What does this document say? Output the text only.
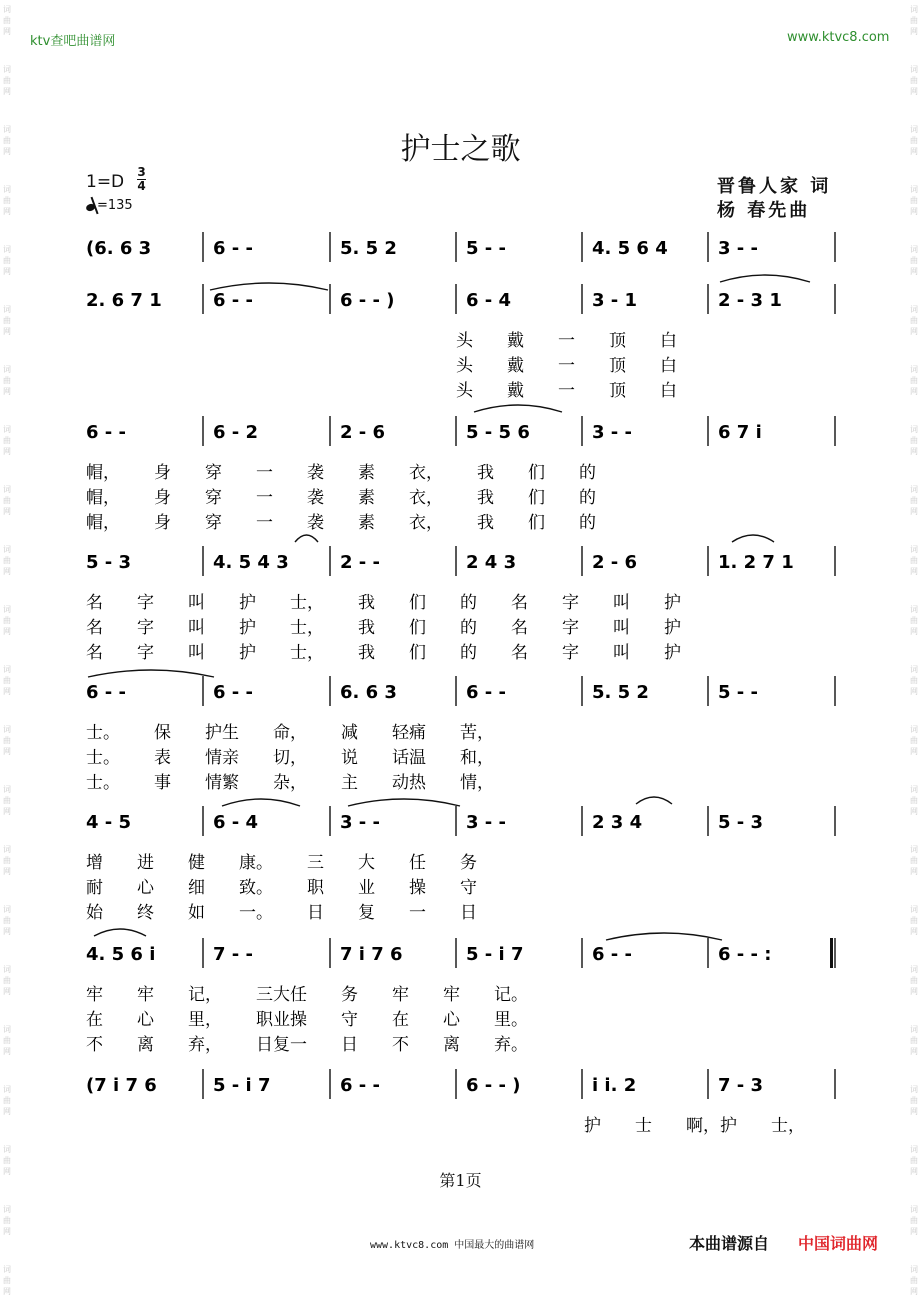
ktv查吧曲谱网	www.ktvc8.com
词
曲
网
词
曲
网
词
曲
网
词
曲
网
词
曲
网
词
曲
网
词
曲
网
词
曲
网
词
曲
网
词
曲
网
词
曲
网
词
曲
网
词
曲
网
词
曲
网
词
曲
网
词
曲
网
词
曲
网
词
曲
网
词
曲
网
词
曲
网
词
曲
网
词
曲
网
词
曲
网
词
曲
网
词
曲
网
词
曲
网
词
曲
网
词
曲
网
词
曲
网
词
曲
网
词
曲
网
词
曲
网
词
曲
网
词
曲
网
词
曲
网
词
曲
网
词
曲
网
词
曲
网
词
曲
网
词
曲
网
词
曲
网
词
曲
网
词
曲
网
词
曲
网
护士之歌
1=D 3
4
=135
晋鲁人家 词
杨 春先曲
(6. 6 3	6 - -	5. 5 2	5 - -	4. 5 6 4	3 - -
2. 6 7 1	6 - -	6 - - )	6 - 4	3 - 1	2 - 3 1
头  戴  一  顶  白
头  戴  一  顶  白
头  戴  一  顶  白
6 - -	6 - 2	2 - 6	5 - 5 6	3 - -	6 7 i
帽，  身  穿  一  袭  素  衣，  我  们  的
帽，  身  穿  一  袭  素  衣，  我  们  的
帽，  身  穿  一  袭  素  衣，  我  们  的
5 - 3	4. 5 4 3	2 - -	2 4 3	2 - 6	1. 2 7 1
名  字  叫  护  士，  我  们  的  名  字  叫  护
名  字  叫  护  士，  我  们  的  名  字  叫  护
名  字  叫  护  士，  我  们  的  名  字  叫  护
6 - -	6 - -	6. 6 3	6 - -	5. 5 2	5 - -
士。  保  护生  命，  减  轻痛  苦，
士。  表  情亲  切，  说  话温  和，
士。  事  情繁  杂，  主  动热  情，
4 - 5	6 - 4	3 - -	3 - -	2 3 4	5 - 3
增  进  健  康。  三  大  任  务
耐  心  细  致。  职  业  操  守
始  终  如  一。  日  复  一  日
4. 5 6 i	7 - -	7 i 7 6	5 - i 7	6 - -	6 - - :
牢  牢  记，  三大任  务  牢  牢  记。
在  心  里，  职业操  守  在  心  里。
不  离  弃，  日复一  日  不  离  弃。
(7 i 7 6	5 - i 7	6 - -	6 - - )	i i. 2	7 - 3
护  士  啊，护  士，
第1页
www.ktvc8.com 中国最大的曲谱网	本曲谱源自 中国词曲网
